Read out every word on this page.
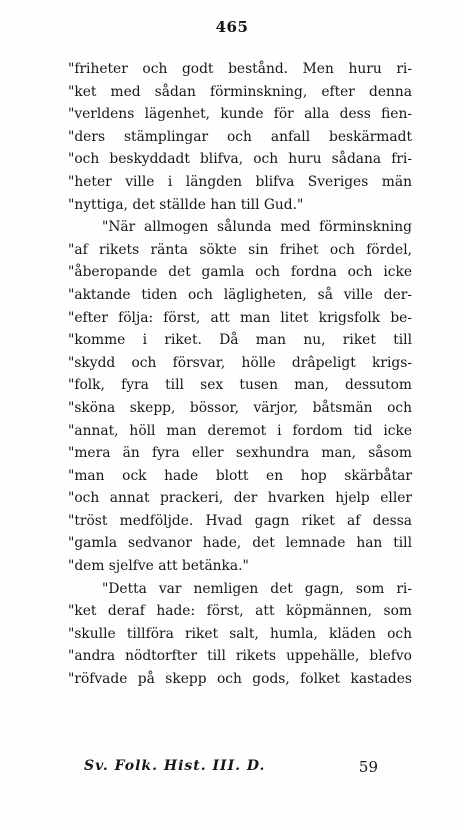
465
"friheter och godt bestånd. Men huru ri-
"ket med sådan förminskning, efter denna
"verldens lägenhet, kunde för alla dess fien-
"ders stämplingar och anfall beskärmadt
"och beskyddadt blifva, och huru sådana fri-
"heter ville i längden blifva Sveriges män
"nyttiga, det ställde han till Gud."
"När allmogen sålunda med förminskning
"af rikets ränta sökte sin frihet och fördel,
"åberopande det gamla och fordna och icke
"aktande tiden och lägligheten, så ville der-
"efter följa: först, att man litet krigsfolk be-
"komme i riket. Då man nu, riket till
"skydd och försvar, hölle drâpeligt krigs-
"folk, fyra till sex tusen man, dessutom
"sköna skepp, bössor, värjor, båtsmän och
"annat, höll man deremot i fordom tid icke
"mera än fyra eller sexhundra man, såsom
"man ock hade blott en hop skärbåtar
"och annat prackeri, der hvarken hjelp eller
"tröst medföljde. Hvad gagn riket af dessa
"gamla sedvanor hade, det lemnade han till
"dem sjelfve att betänka."
"Detta var nemligen det gagn, som ri-
"ket deraf hade: först, att köpmännen, som
"skulle tillföra riket salt, humla, kläden och
"andra nödtorfter till rikets uppehälle, blefvo
"röfvade på skepp och gods, folket kastades
Sv. Folk. Hist. III. D.	59
